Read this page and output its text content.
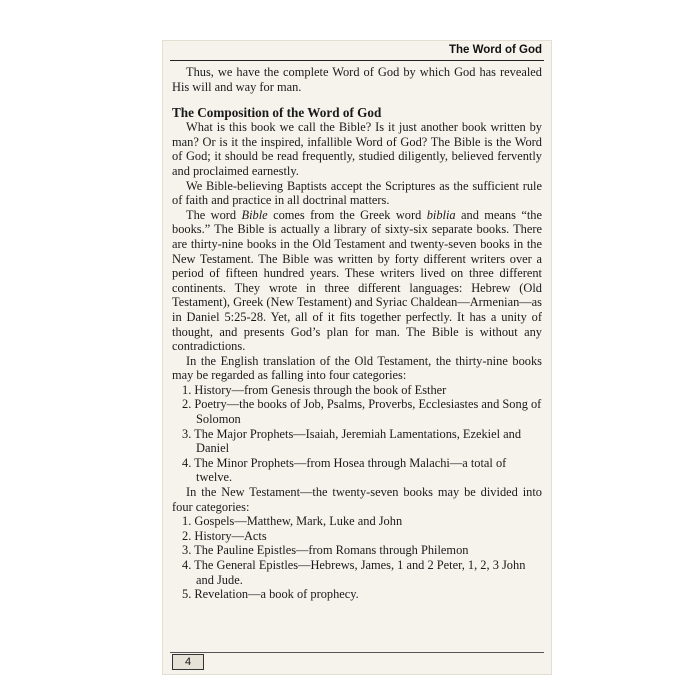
The Word of God

Thus, we have the complete Word of God by which God has revealed His will and way for man.

The Composition of the Word of God

What is this book we call the Bible? Is it just another book written by man? Or is it the inspired, infallible Word of God? The Bible is the Word of God; it should be read frequently, studied diligently, believed fervently and proclaimed earnestly.

We Bible-believing Baptists accept the Scriptures as the sufficient rule of faith and practice in all doctrinal matters.

The word Bible comes from the Greek word biblia and means “the books.” The Bible is actually a library of sixty-six separate books. There are thirty-nine books in the Old Testament and twenty-seven books in the New Testament. The Bible was written by forty different writers over a period of fifteen hundred years. These writers lived on three different continents. They wrote in three different languages: Hebrew (Old Testament), Greek (New Testament) and Syriac Chaldean—Armenian—as in Daniel 5:25-28. Yet, all of it fits together perfectly. It has a unity of thought, and presents God’s plan for man. The Bible is without any contradictions.

In the English translation of the Old Testament, the thirty-nine books may be regarded as falling into four categories:

1. History—from Genesis through the book of Esther
2. Poetry—the books of Job, Psalms, Proverbs, Ecclesiastes and Song of Solomon
3. The Major Prophets—Isaiah, Jeremiah Lamentations, Ezekiel and Daniel
4. The Minor Prophets—from Hosea through Malachi—a total of twelve.

In the New Testament—the twenty-seven books may be divided into four categories:

1. Gospels—Matthew, Mark, Luke and John
2. History—Acts
3. The Pauline Epistles—from Romans through Philemon
4. The General Epistles—Hebrews, James, 1 and 2 Peter, 1, 2, 3 John and Jude.
5. Revelation—a book of prophecy.
4
